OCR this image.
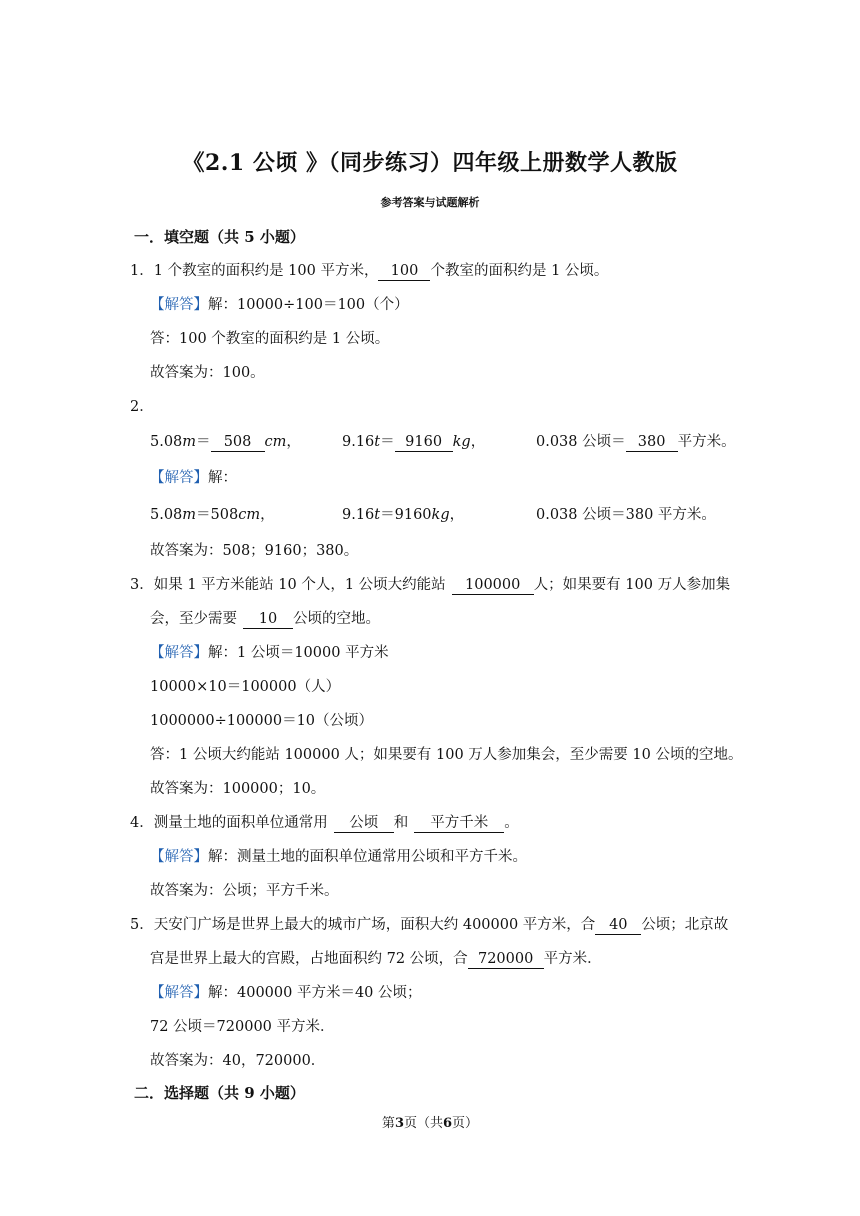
《2.1 公顷 》（同步练习）四年级上册数学人教版
参考答案与试题解析
一．填空题（共 5 小题）
1．1 个教室的面积约是 100 平方米， 100 个教室的面积约是 1 公顷。
【解答】解：10000÷100＝100（个）
答：100 个教室的面积约是 1 公顷。
故答案为：100。
2．
5.08m＝ 508 cm，	9.16t＝ 9160 kg，	0.038 公顷＝ 380 平方米。
【解答】解：
5.08m＝508cm，	9.16t＝9160kg，	0.038 公顷＝380 平方米。
故答案为：508；9160；380。
3．如果 1 平方米能站 10 个人，1 公顷大约能站 100000 人；如果要有 100 万人参加集
会，至少需要 10 公顷的空地。
【解答】解：1 公顷＝10000 平方米
10000×10＝100000（人）
1000000÷100000＝10（公顷）
答：1 公顷大约能站 100000 人；如果要有 100 万人参加集会，至少需要 10 公顷的空地。
故答案为：100000；10。
4．测量土地的面积单位通常用 公顷 和 平方千米 。
【解答】解：测量土地的面积单位通常用公顷和平方千米。
故答案为：公顷；平方千米。
5．天安门广场是世界上最大的城市广场，面积大约 400000 平方米，合 40 公顷；北京故
宫是世界上最大的宫殿，占地面积约 72 公顷，合 720000 平方米．
【解答】解：400000 平方米＝40 公顷；
72 公顷＝720000 平方米．
故答案为：40，720000．
二．选择题（共 9 小题）
第3页（共6页）
